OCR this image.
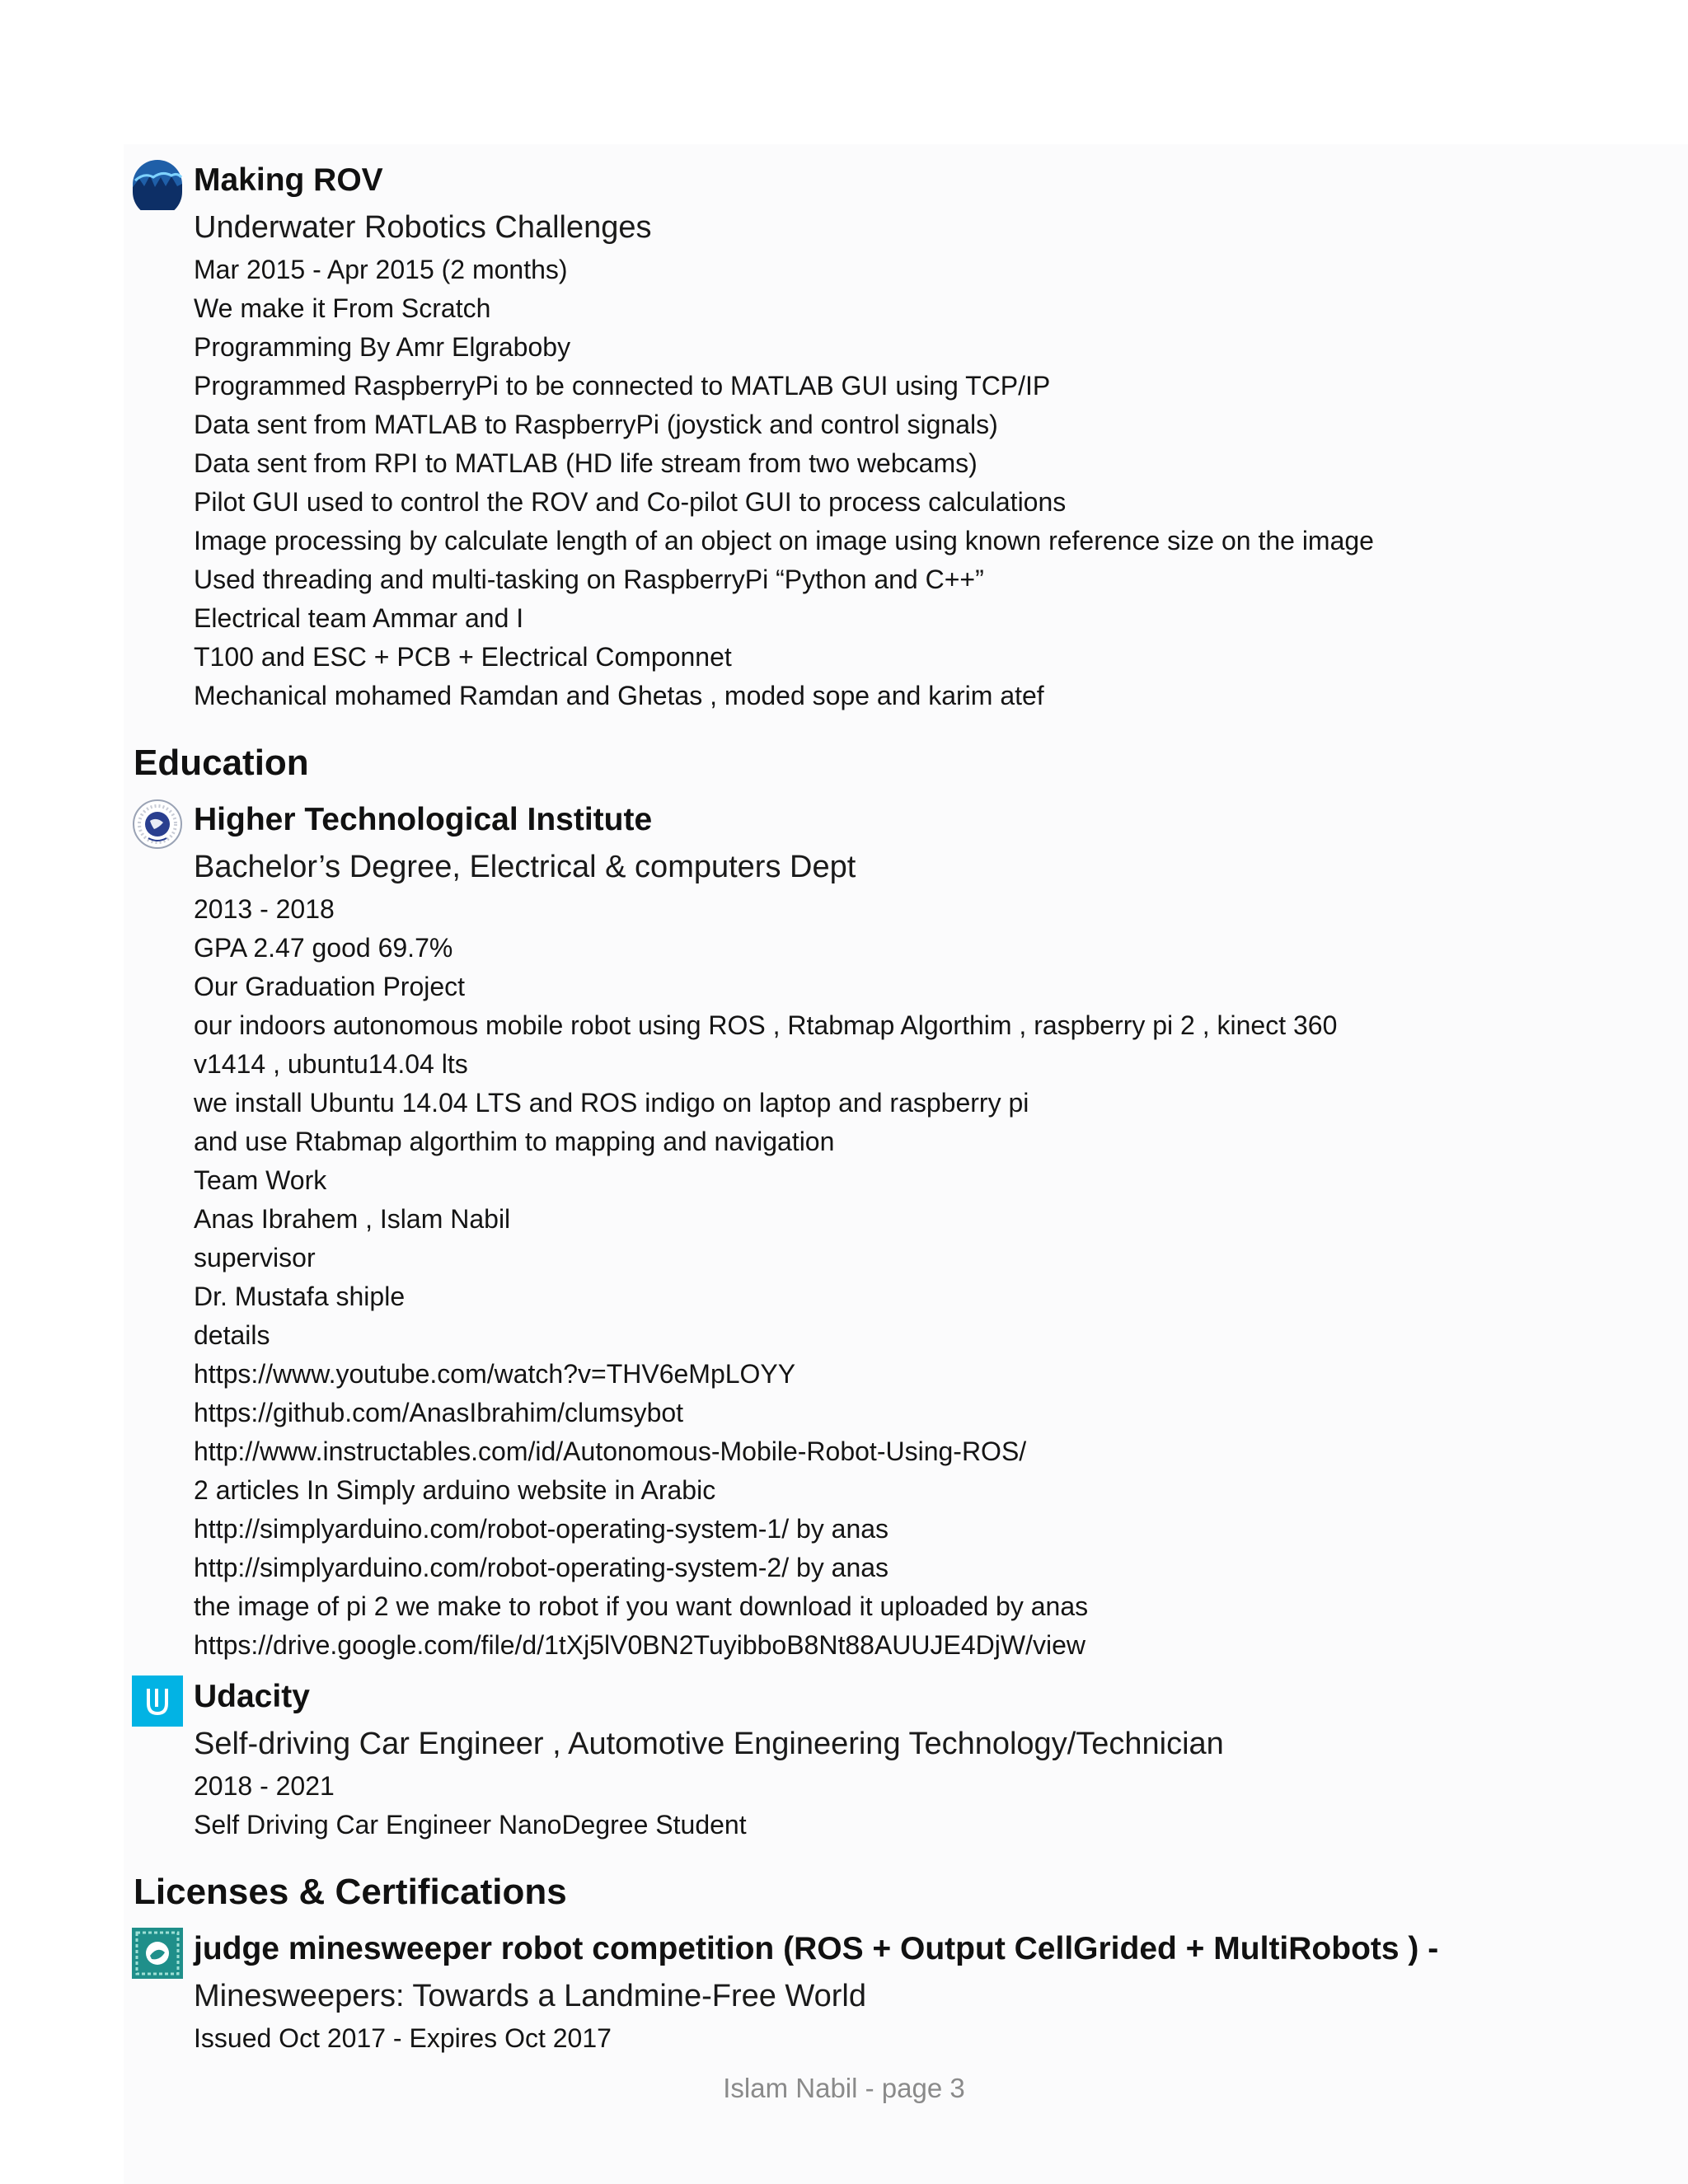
Making ROV
Underwater Robotics Challenges
Mar 2015 - Apr 2015 (2 months)
We make it From Scratch
Programming By Amr Elgraboby
Programmed RaspberryPi to be connected to MATLAB GUI using TCP/IP
Data sent from MATLAB to RaspberryPi (joystick and control signals)
Data sent from RPI to MATLAB (HD life stream from two webcams)
Pilot GUI used to control the ROV and Co-pilot GUI to process calculations
Image processing by calculate length of an object on image using known reference size on the image
Used threading and multi-tasking on RaspberryPi “Python and C++”
Electrical team Ammar and I
T100 and ESC + PCB + Electrical Componnet
Mechanical mohamed Ramdan and Ghetas , moded sope and karim atef
Education
Higher Technological Institute
Bachelor’s Degree, Electrical & computers Dept
2013 - 2018
GPA 2.47 good 69.7%
Our Graduation Project
our indoors autonomous mobile robot using ROS , Rtabmap Algorthim , raspberry pi 2 , kinect 360 v1414 , ubuntu14.04 lts
we install Ubuntu 14.04 LTS and ROS indigo on laptop and raspberry pi
and use Rtabmap algorthim to mapping and navigation
Team Work
Anas Ibrahem , Islam Nabil
supervisor
Dr. Mustafa shiple
details
https://www.youtube.com/watch?v=THV6eMpLOYY
https://github.com/AnasIbrahim/clumsybot
http://www.instructables.com/id/Autonomous-Mobile-Robot-Using-ROS/
2 articles In Simply arduino website in Arabic
http://simplyarduino.com/robot-operating-system-1/ by anas
http://simplyarduino.com/robot-operating-system-2/ by anas
the image of pi 2 we make to robot if you want download it uploaded by anas
https://drive.google.com/file/d/1tXj5lV0BN2TuyibboB8Nt88AUUJE4DjW/view
Udacity
Self-driving Car Engineer , Automotive Engineering Technology/Technician
2018 - 2021
Self Driving Car Engineer NanoDegree Student
Licenses & Certifications
judge minesweeper robot competition (ROS + Output CellGrided + MultiRobots ) -
Minesweepers: Towards a Landmine-Free World
Issued Oct 2017 - Expires Oct 2017
Islam Nabil - page 3
